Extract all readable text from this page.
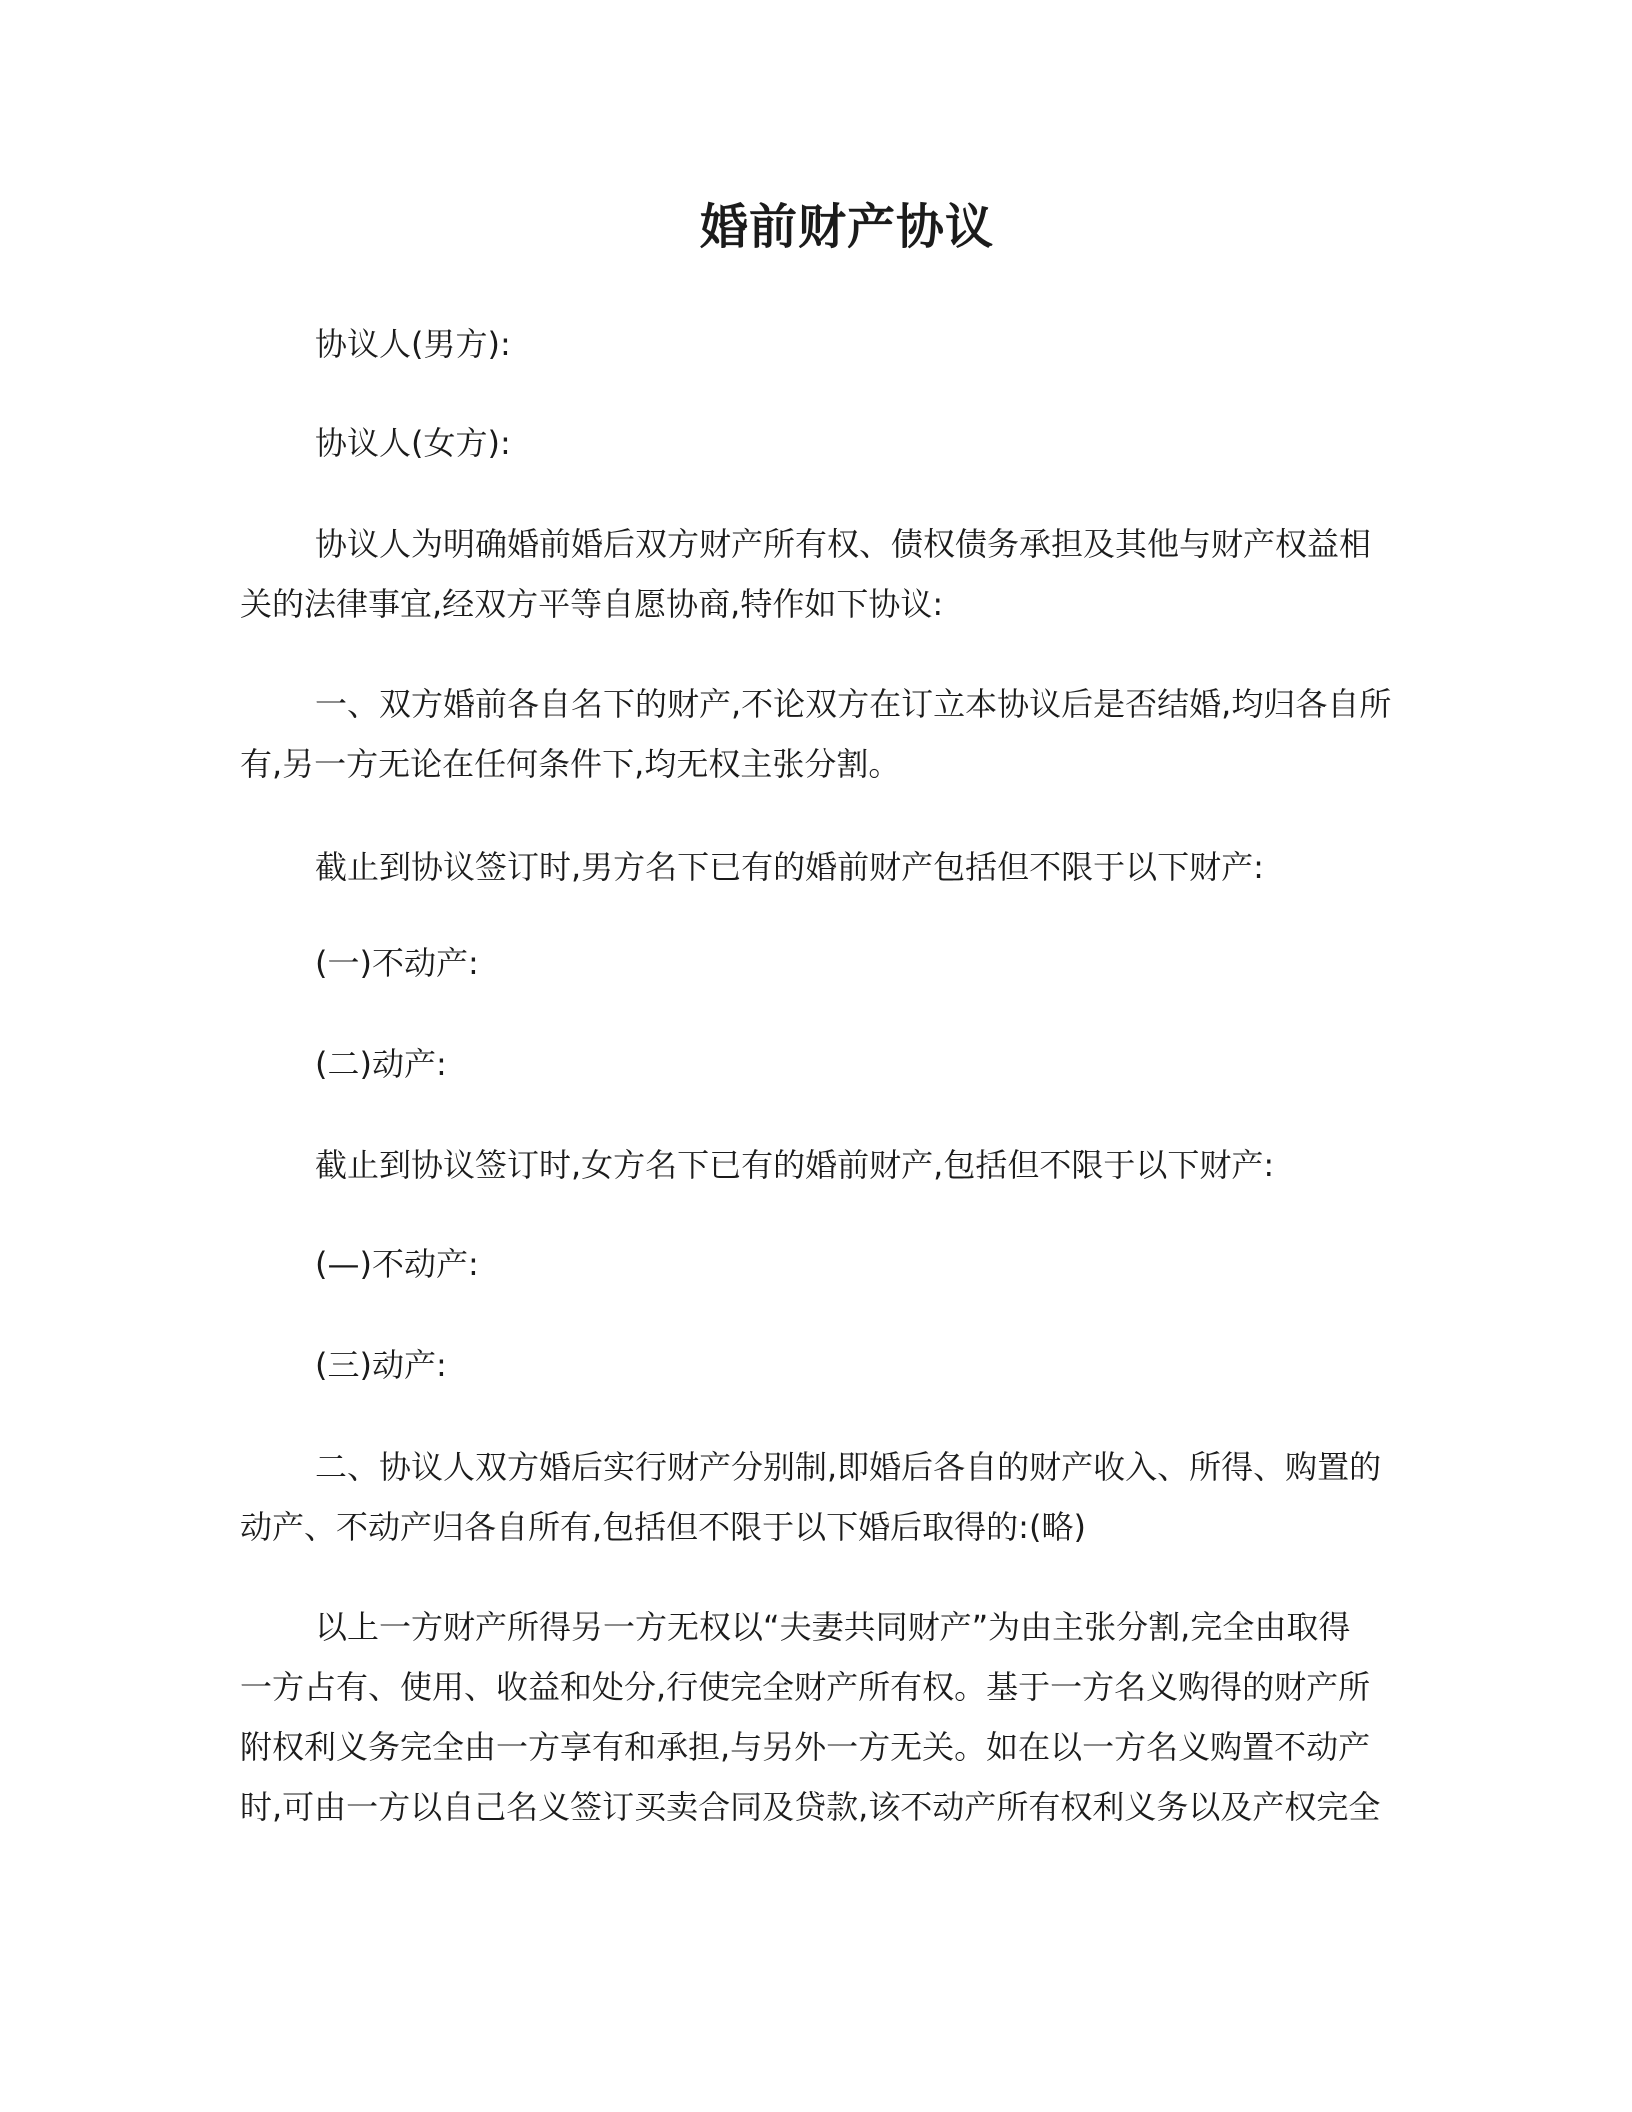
婚前财产协议
协议人(男方):
协议人(女方):
协议人为明确婚前婚后双方财产所有权、债权债务承担及其他与财产权益相
关的法律事宜,经双方平等自愿协商,特作如下协议:
一、双方婚前各自名下的财产,不论双方在订立本协议后是否结婚,均归各自所
有,另一方无论在任何条件下,均无权主张分割。
截止到协议签订时,男方名下已有的婚前财产包括但不限于以下财产:
(一)不动产:
(二)动产:
截止到协议签订时,女方名下已有的婚前财产,包括但不限于以下财产:
(—)不动产:
(三)动产:
二、协议人双方婚后实行财产分别制,即婚后各自的财产收入、所得、购置的
动产、不动产归各自所有,包括但不限于以下婚后取得的:(略)
以上一方财产所得另一方无权以“夫妻共同财产”为由主张分割,完全由取得
一方占有、使用、收益和处分,行使完全财产所有权。基于一方名义购得的财产所
附权利义务完全由一方享有和承担,与另外一方无关。如在以一方名义购置不动产
时,可由一方以自己名义签订买卖合同及贷款,该不动产所有权利义务以及产权完全
